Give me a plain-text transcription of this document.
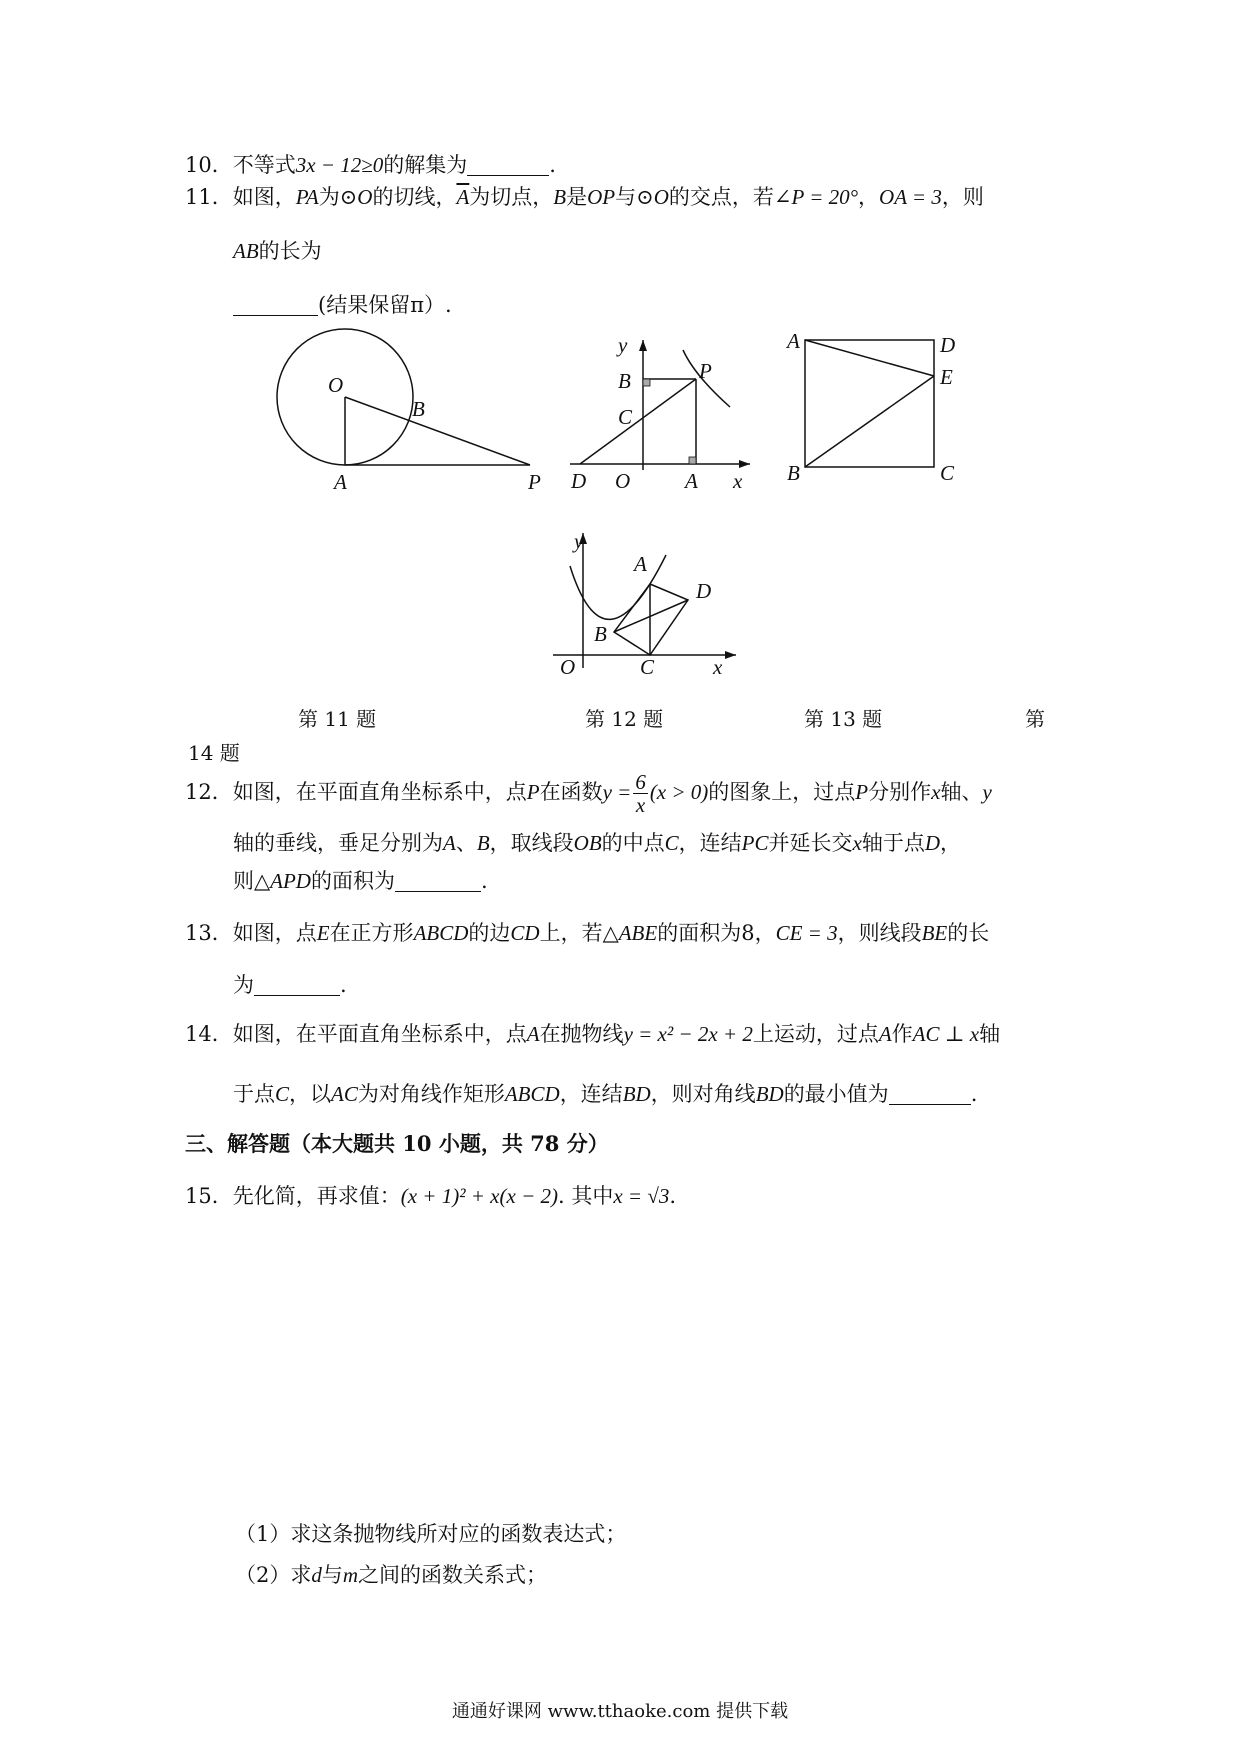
10．不等式3x − 12≥0的解集为	.
11．如图，PA为⊙O的切线，$\overline{A}$为切点，B是OP与⊙O的交点，若∠P = 20°，OA = 3，则
AB的长为
(结果保留π）.
O
B
A	P
y
B	P
C
D O	A x
A	D
E
B	C
y
A
D
B
O	C	x
第 11 题	第 12 题	第 13 题	第
14 题
12．如图，在平面直角坐标系中，点P在函数$y = \frac{6}{x} (x > 0)$的图象上，过点P分别作x轴、y
轴的垂线，垂足分别为A、B，取线段OB的中点C，连结PC并延长交x轴于点D，
则△APD的面积为	.
13．如图，点E在正方形ABCD的边CD上，若△ABE的面积为8，CE = 3，则线段BE的长
为	.
14．如图，在平面直角坐标系中，点A在抛物线y = x² − 2x + 2上运动，过点A作AC ⊥ x轴
于点C，以AC为对角线作矩形ABCD，连结BD，则对角线BD的最小值为	.
三、解答题（本大题共 10 小题，共 78 分）
15．先化简，再求值：(x + 1)² + x(x − 2). 其中x = √3.
（1）求这条抛物线所对应的函数表达式；
（2）求d与m之间的函数关系式；
通通好课网 www.tthaoke.com 提供下载
